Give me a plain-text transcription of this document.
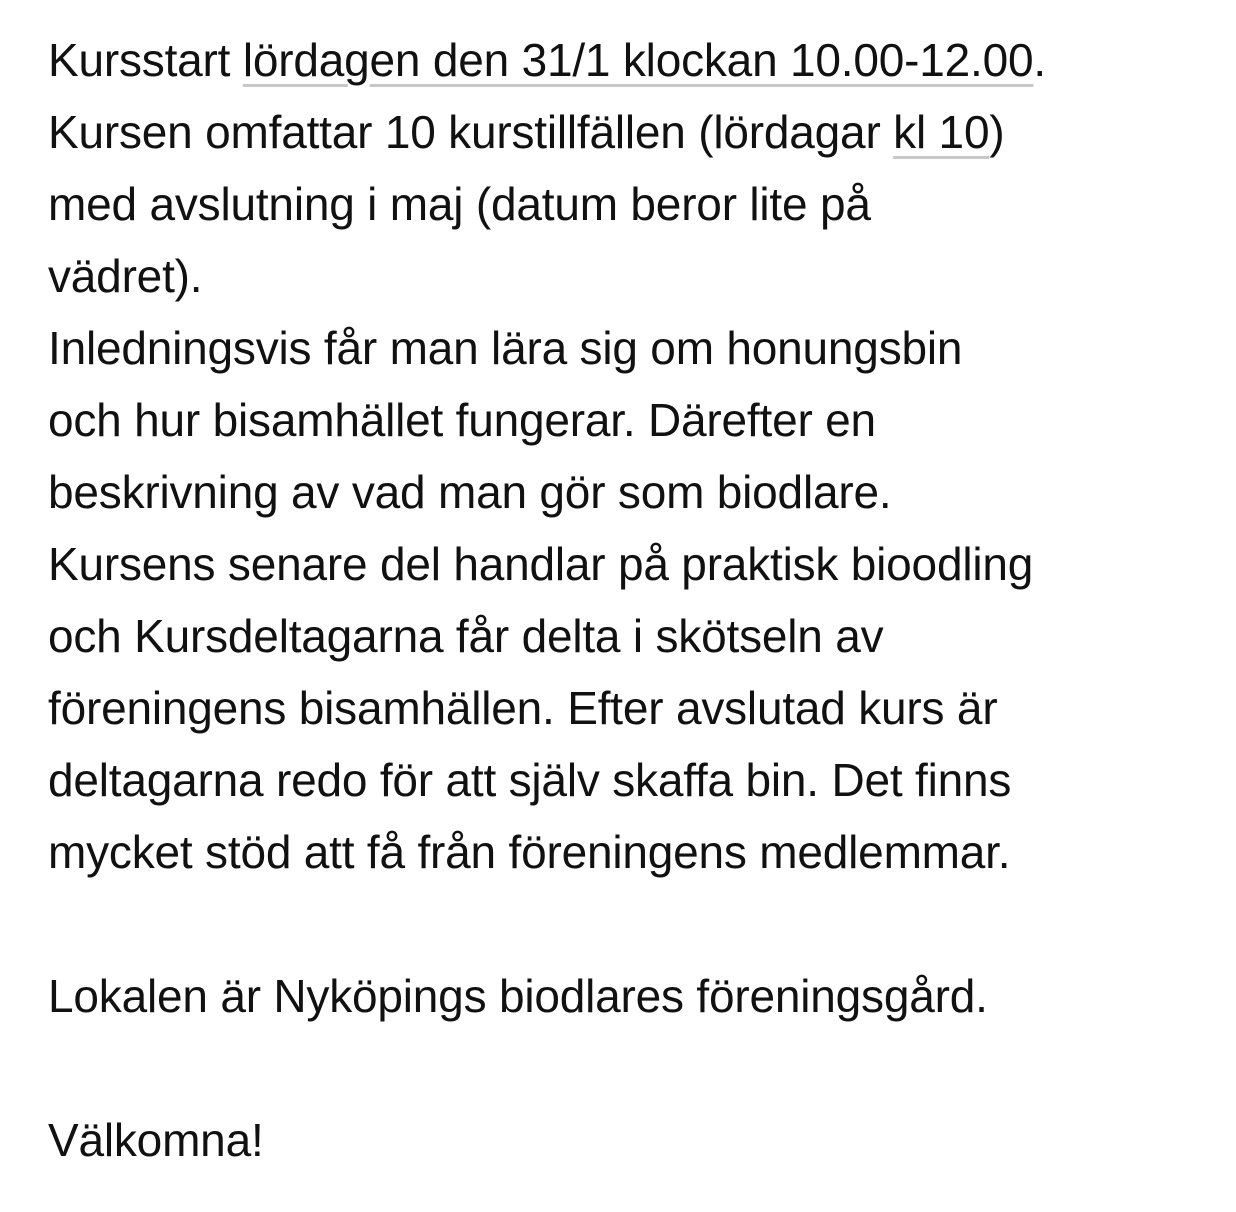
Kursstart lördagen den 31/1 klockan 10.00-12.00.
Kursen omfattar 10 kurstillfällen (lördagar kl 10)
med avslutning i maj (datum beror lite på
vädret).
Inledningsvis får man lära sig om honungsbin
och hur bisamhället fungerar. Därefter en
beskrivning av vad man gör som biodlare.
Kursens senare del handlar på praktisk bioodling
och Kursdeltagarna får delta i skötseln av
föreningens bisamhällen. Efter avslutad kurs är
deltagarna redo för att själv skaffa bin. Det finns
mycket stöd att få från föreningens medlemmar.
Lokalen är Nyköpings biodlares föreningsgård.
Välkomna!
